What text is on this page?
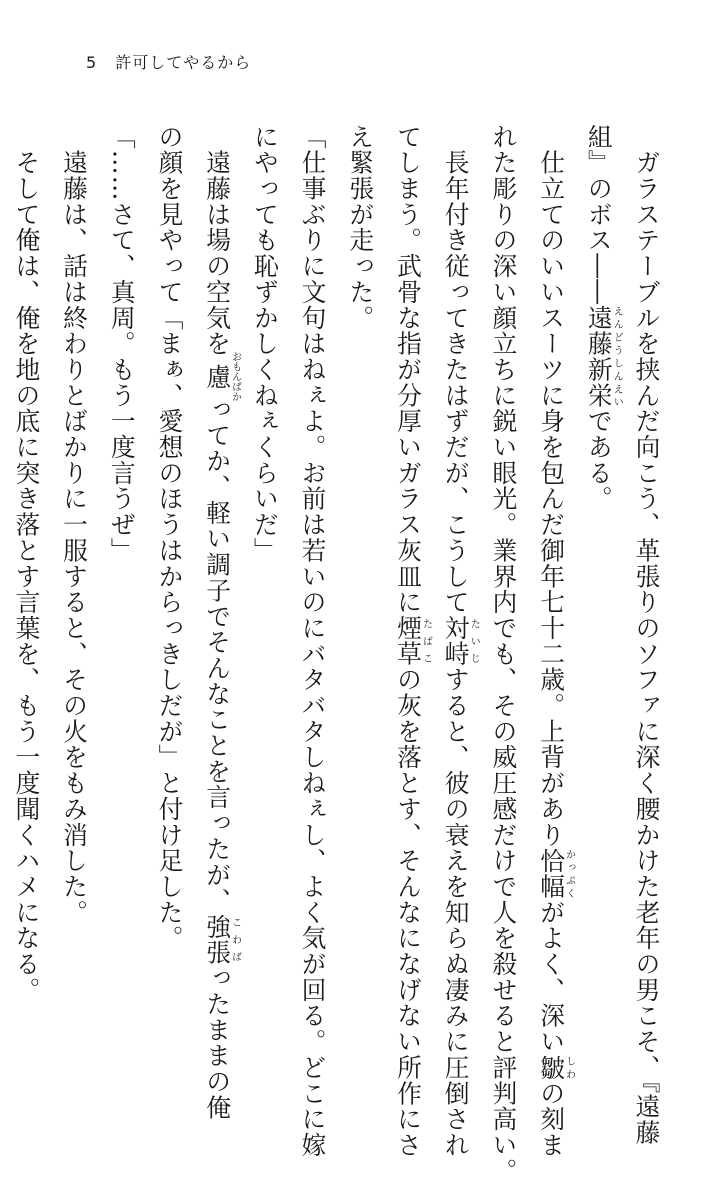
5 許可してやるから

　ガラステーブルを挟んだ向こう、革張りのソファに深く腰かけた老年の男こそ、『遠藤

組』のボス――遠藤新栄えんどうしんえいである。

　仕立てのいいスーツに身を包んだ御年七十二歳。上背があり恰幅かっぷくがよく、深い皺しわの刻ま

れた彫りの深い顔立ちに鋭い眼光。業界内でも、その威圧感だけで人を殺せると評判高い。

　長年付き従ってきたはずだが、こうして対峙たいじすると、彼の衰えを知らぬ凄みに圧倒され

てしまう。武骨な指が分厚いガラス灰皿に煙草たばこの灰を落とす、そんなになげない所作にさ

え緊張が走った。

「仕事ぶりに文句はねぇよ。お前は若いのにバタバタしねぇし、よく気が回る。どこに嫁

にやっても恥ずかしくねぇくらいだ」

　遠藤は場の空気を慮おもんぱかってか、軽い調子でそんなことを言ったが、強張こわばったままの俺

の顔を見やって「まぁ、愛想のほうはからっきしだが」と付け足した。

「……さて、真周。もう一度言うぜ」

　遠藤は、話は終わりとばかりに一服すると、その火をもみ消した。

　そして俺は、俺を地の底に突き落とす言葉を、もう一度聞くハメになる。
